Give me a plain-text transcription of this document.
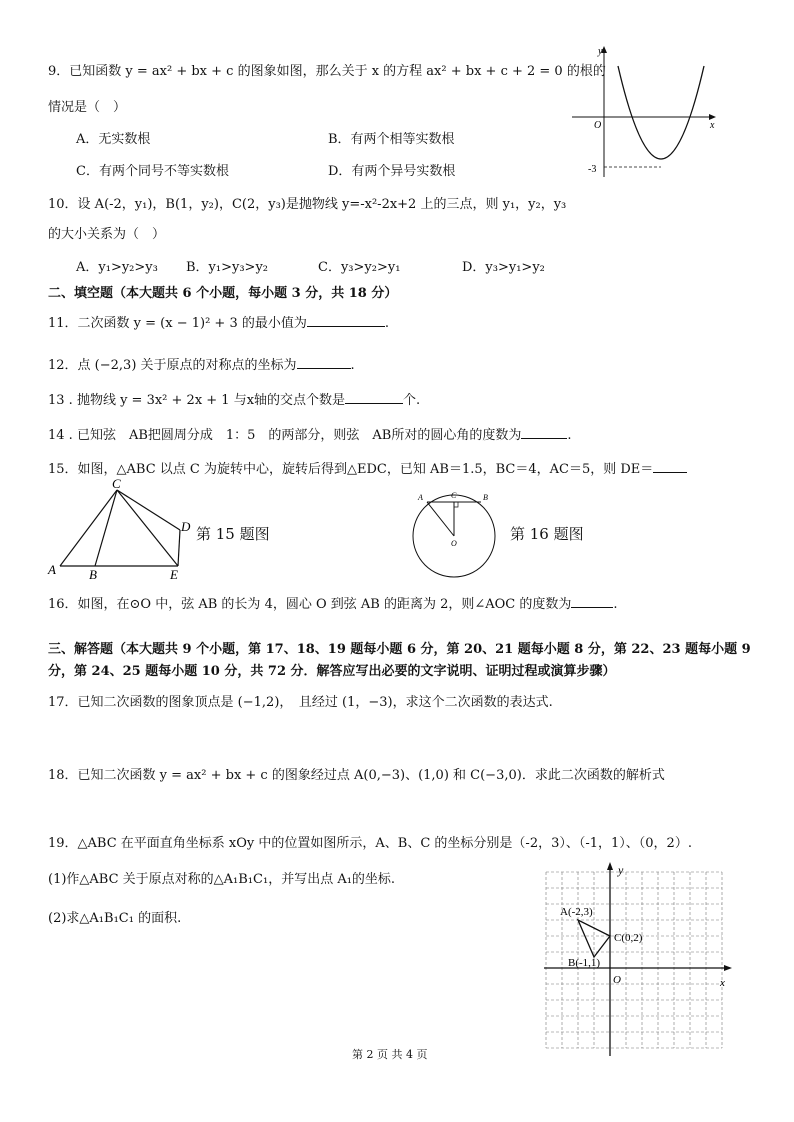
9．已知函数 y = ax² + bx + c 的图象如图，那么关于 x 的方程 ax² + bx + c + 2 = 0 的根的
情况是（　）
A．无实数根	B．有两个相等实数根
C．有两个同号不等实数根	D．有两个异号实数根
y
x
O
-3
10．设 A(-2，y₁)，B(1，y₂)，C(2，y₃)是抛物线 y=-x²-2x+2 上的三点，则 y₁，y₂，y₃
的大小关系为（　）
A．y₁>y₂>y₃ B．y₁>y₃>y₂	C．y₃>y₂>y₁	D．y₃>y₁>y₂
二、填空题（本大题共 6 个小题，每小题 3 分，共 18 分）
11．二次函数 y = (x − 1)² + 3 的最小值为	.
12．点 (−2,3) 关于原点的对称点的坐标为	.
13 . 抛物线 y = 3x² + 2x + 1 与x轴的交点个数是	个.
14 . 已知弦　AB把圆周分成　1：5　的两部分，则弦　AB所对的圆心角的度数为	.
15．如图，△ABC 以点 C 为旋转中心，旋转后得到△EDC，已知 AB＝1.5，BC＝4，AC＝5，则 DE＝
C
D
A	B	E
第 15 题图
A	C	B
O
第 16 题图
16．如图，在⊙O 中，弦 AB 的长为 4，圆心 O 到弦 AB 的距离为 2，则∠AOC 的度数为	.
三、解答题（本大题共 9 个小题，第 17、18、19 题每小题 6 分，第 20、21 题每小题 8 分，第 22、23 题每小题 9
分，第 24、25 题每小题 10 分，共 72 分．解答应写出必要的文字说明、证明过程或演算步骤）
17．已知二次函数的图象顶点是 (−1,2)，　且经过 (1，−3)，求这个二次函数的表达式.
18．已知二次函数 y = ax² + bx + c 的图象经过点 A(0,−3)、(1,0) 和 C(−3,0)．求此二次函数的解析式
19．△ABC 在平面直角坐标系 xOy 中的位置如图所示，A、B、C 的坐标分别是（-2，3）、（-1，1）、（0，2）.
(1)作△ABC 关于原点对称的△A₁B₁C₁，并写出点 A₁的坐标.
(2)求△A₁B₁C₁ 的面积.
y
x
O
A(-2,3)
B(-1,1)
C(0,2)
第 2 页 共 4 页
